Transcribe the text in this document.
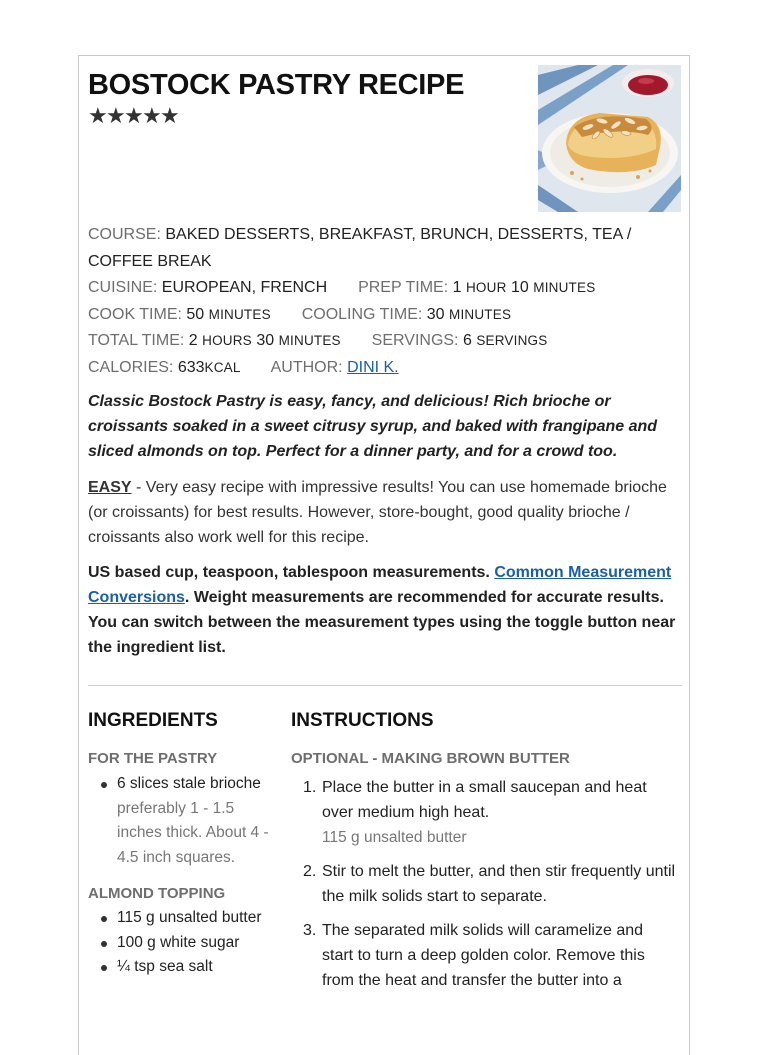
BOSTOCK PASTRY RECIPE
★
★
★
★
★
COURSE: BAKED DESSERTS, BREAKFAST, BRUNCH, DESSERTS, TEA / COFFEE BREAK
CUISINE: EUROPEAN, FRENCH PREP TIME: 1 HOUR 10 MINUTES
COOK TIME: 50 MINUTES COOLING TIME: 30 MINUTES
TOTAL TIME: 2 HOURS 30 MINUTES SERVINGS: 6 SERVINGS
CALORIES: 633KCAL AUTHOR: DINI K.

Classic Bostock Pastry is easy, fancy, and delicious! Rich brioche or croissants soaked in a sweet citrusy syrup, and baked with frangipane and sliced almonds on top. Perfect for a dinner party, and for a crowd too.

EASY - Very easy recipe with impressive results! You can use homemade brioche (or croissants) for best results. However, store-bought, good quality brioche / croissants also work well for this recipe.

US based cup, teaspoon, tablespoon measurements. Common Measurement Conversions. Weight measurements are recommended for accurate results. You can switch between the measurement types using the toggle button near the ingredient list.

INGREDIENTS	INSTRUCTIONS
FOR THE PASTRY
6 slices stale brioche preferably 1 - 1.5 inches thick. About 4 - 4.5 inch squares.
ALMOND TOPPING
115 g unsalted butter
100 g white sugar
¼ tsp sea salt
OPTIONAL - MAKING BROWN BUTTER
1. Place the butter in a small saucepan and heat over medium high heat.
115 g unsalted butter
2. Stir to melt the butter, and then stir frequently until the milk solids start to separate.
3. The separated milk solids will caramelize and start to turn a deep golden color. Remove this from the heat and transfer the butter into a
